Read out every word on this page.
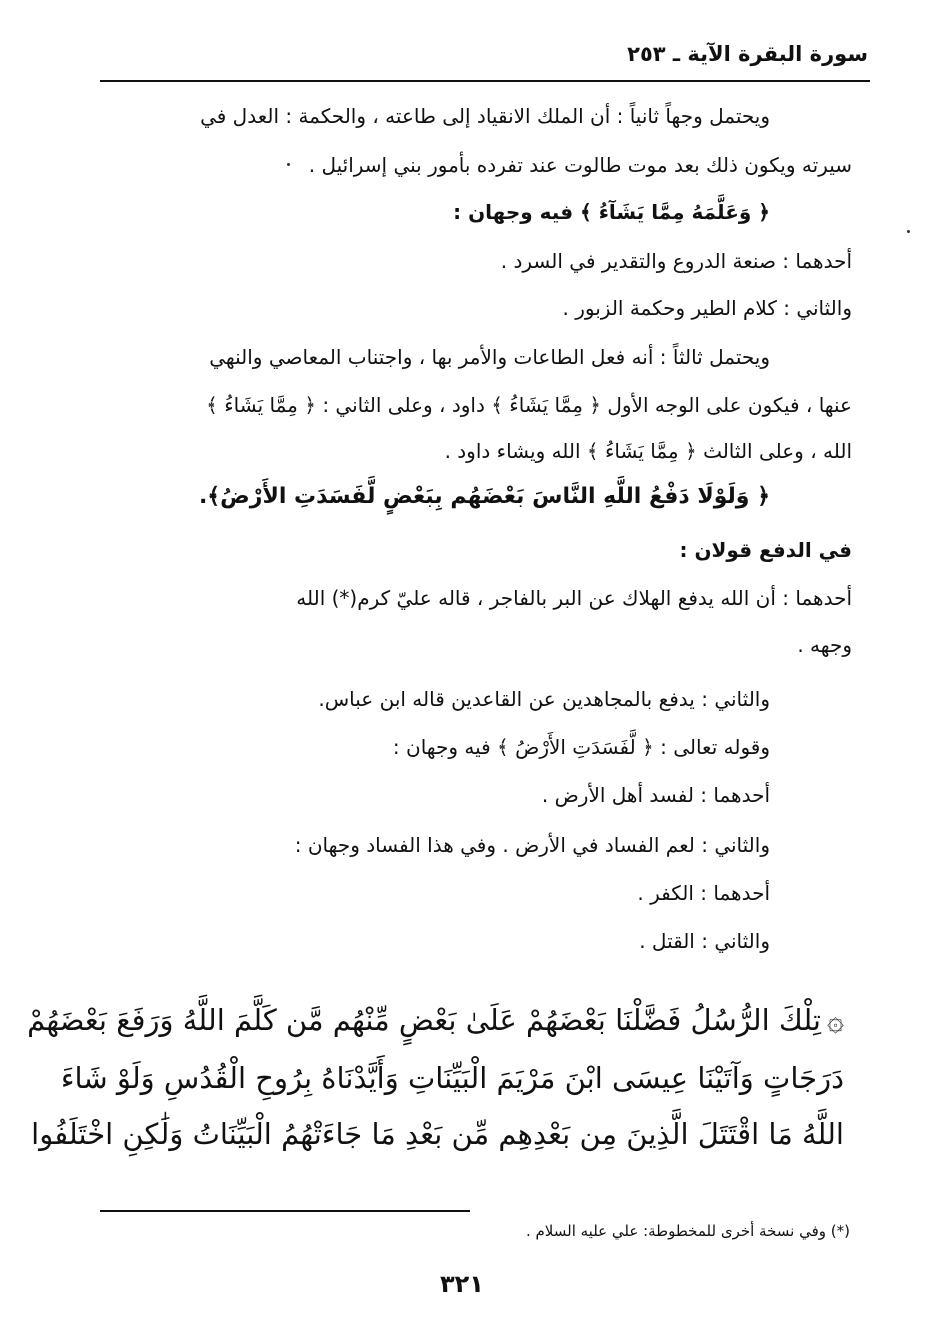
سورة البقرة الآية ـ ٢٥٣
ويحتمل وجهاً ثانياً : أن الملك الانقياد إلى طاعته ، والحكمة : العدل في
سيرته ويكون ذلك بعد موت طالوت عند تفرده بأمور بني إسرائيل .
﴿ وَعَلَّمَهُ مِمَّا يَشَآءُ ﴾ فيه وجهان :
أحدهما : صنعة الدروع والتقدير في السرد .
والثاني : كلام الطير وحكمة الزبور .
ويحتمل ثالثاً : أنه فعل الطاعات والأمر بها ، واجتناب المعاصي والنهي
عنها ، فيكون على الوجه الأول ﴿ مِمَّا يَشَاءُ ﴾ داود ، وعلى الثاني : ﴿ مِمَّا يَشَاءُ ﴾
الله ، وعلى الثالث ﴿ مِمَّا يَشَاءُ ﴾ الله ويشاء داود .
﴿ وَلَوْلَا دَفْعُ اللَّهِ النَّاسَ بَعْضَهُم بِبَعْضٍ لَّفَسَدَتِ الأَرْضُ﴾.
في الدفع قولان :
أحدهما : أن الله يدفع الهلاك عن البر بالفاجر ، قاله عليّ كرم(*) الله
وجهه .
والثاني : يدفع بالمجاهدين عن القاعدين قاله ابن عباس.
وقوله تعالى : ﴿ لَّفَسَدَتِ الأَرْضُ ﴾ فيه وجهان :
أحدهما : لفسد أهل الأرض .
والثاني : لعم الفساد في الأرض . وفي هذا الفساد وجهان :
أحدهما : الكفر .
والثاني : القتل .
۞تِلْكَ الرُّسُلُ فَضَّلْنَا بَعْضَهُمْ عَلَىٰ بَعْضٍ مِّنْهُم مَّن كَلَّمَ اللَّهُ وَرَفَعَ بَعْضَهُمْ
دَرَجَاتٍ وَآتَيْنَا عِيسَى ابْنَ مَرْيَمَ الْبَيِّنَاتِ وَأَيَّدْنَاهُ بِرُوحِ الْقُدُسِ وَلَوْ شَاءَ
اللَّهُ مَا اقْتَتَلَ الَّذِينَ مِن بَعْدِهِم مِّن بَعْدِ مَا جَاءَتْهُمُ الْبَيِّنَاتُ وَلَٰكِنِ اخْتَلَفُوا
(*) وفي نسخة أخرى للمخطوطة: علي عليه السلام .
٣٢١
